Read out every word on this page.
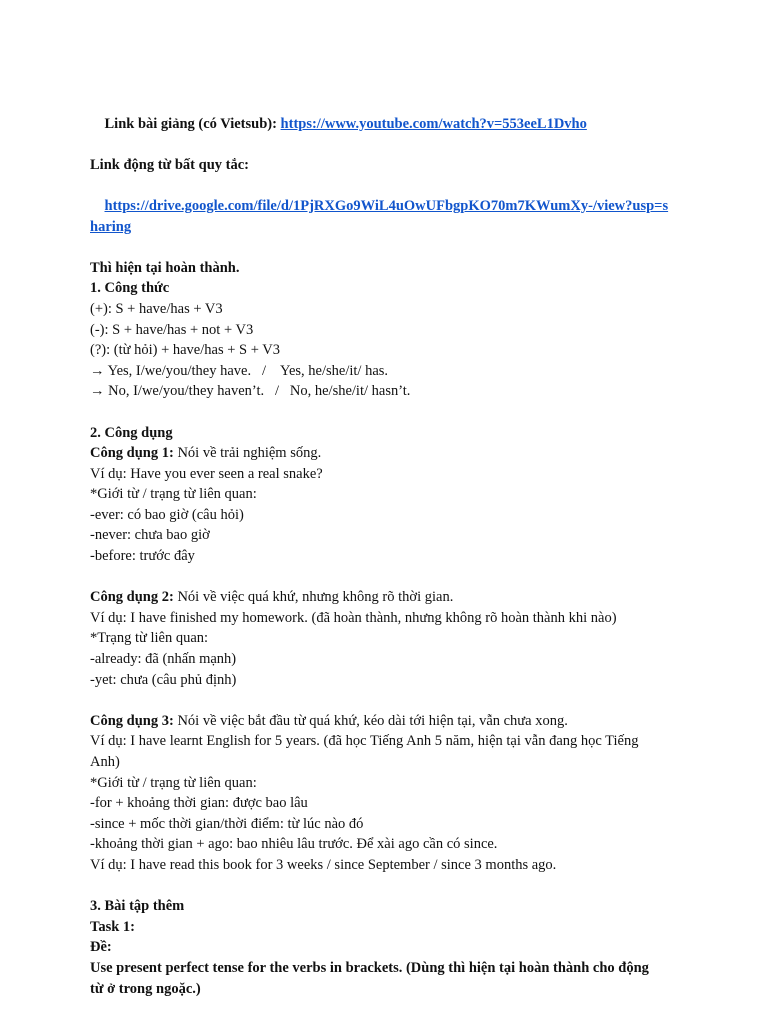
Link bài giảng (có Vietsub): https://www.youtube.com/watch?v=553eeL1Dvho

Link động từ bất quy tắc:

https://drive.google.com/file/d/1PjRXGo9WiL4uOwUFbgpKO70m7KWumXy-/view?usp=s
haring

Thì hiện tại hoàn thành.
1. Công thức
(+): S + have/has + V3
(-): S + have/has + not + V3
(?): (từ hỏi) + have/has + S + V3
→ Yes, I/we/you/they have.   /    Yes, he/she/it/ has.
→ No, I/we/you/they haven’t.   /   No, he/she/it/ hasn’t.
2. Công dụng
Công dụng 1: Nói về trải nghiệm sống.
Ví dụ: Have you ever seen a real snake?
*Giới từ / trạng từ liên quan:
-ever: có bao giờ (câu hỏi)
-never: chưa bao giờ
-before: trước đây
Công dụng 2: Nói về việc quá khứ, nhưng không rõ thời gian.
Ví dụ: I have finished my homework. (đã hoàn thành, nhưng không rõ hoàn thành khi nào)
*Trạng từ liên quan:
-already: đã (nhấn mạnh)
-yet: chưa (câu phủ định)
Công dụng 3: Nói về việc bắt đầu từ quá khứ, kéo dài tới hiện tại, vẫn chưa xong.
Ví dụ: I have learnt English for 5 years. (đã học Tiếng Anh 5 năm, hiện tại vẫn đang học Tiếng
Anh)
*Giới từ / trạng từ liên quan:
-for + khoảng thời gian: được bao lâu
-since + mốc thời gian/thời điểm: từ lúc nào đó
-khoảng thời gian + ago: bao nhiêu lâu trước. Để xài ago cần có since.
Ví dụ: I have read this book for 3 weeks / since September / since 3 months ago.
3. Bài tập thêm
Task 1:
Đề:
Use present perfect tense for the verbs in brackets. (Dùng thì hiện tại hoàn thành cho động
từ ở trong ngoặc.)
